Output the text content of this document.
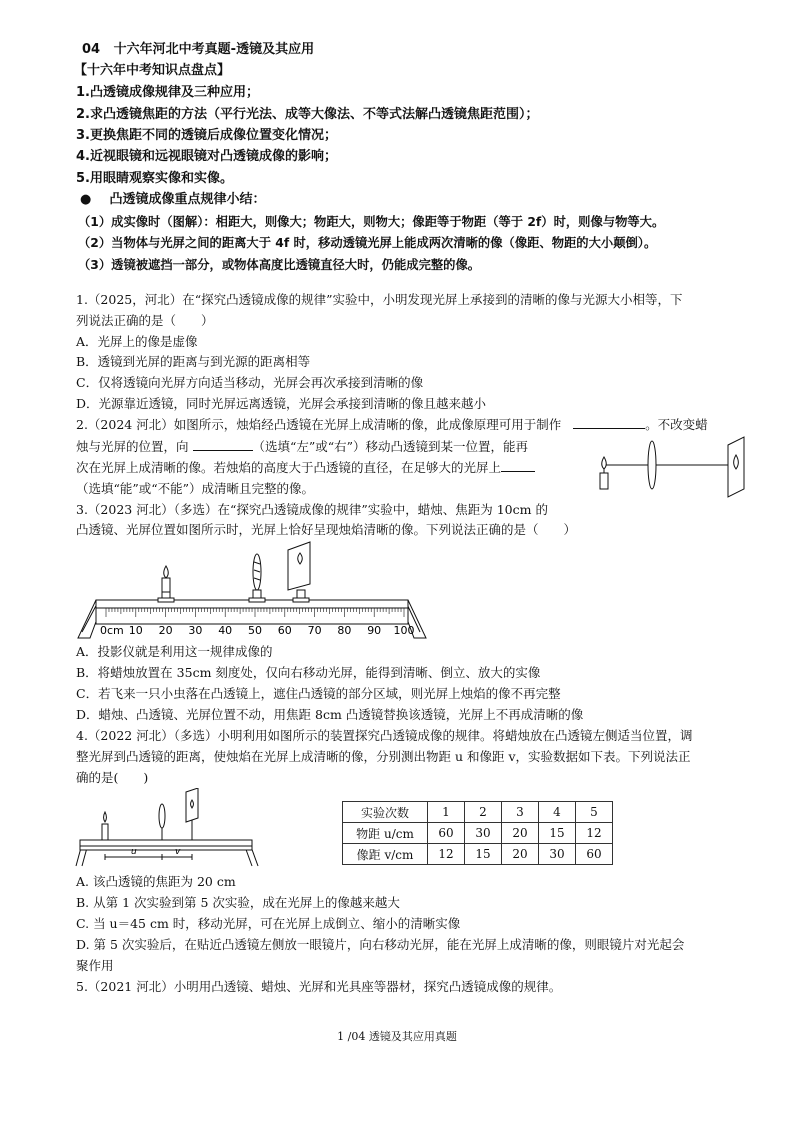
04 十六年河北中考真题-透镜及其应用
【十六年中考知识点盘点】
1.凸透镜成像规律及三种应用；
2.求凸透镜焦距的方法（平行光法、成等大像法、不等式法解凸透镜焦距范围）；
3.更换焦距不同的透镜后成像位置变化情况；
4.近视眼镜和远视眼镜对凸透镜成像的影响；
5.用眼睛观察实像和实像。
● 凸透镜成像重点规律小结：
（1）成实像时（图解）：相距大，则像大；物距大，则物大；像距等于物距（等于 2f）时，则像与物等大。
（2）当物体与光屏之间的距离大于 4f 时，移动透镜光屏上能成两次清晰的像（像距、物距的大小颠倒）。
（3）透镜被遮挡一部分，或物体高度比透镜直径大时，仍能成完整的像。
1.（2025，河北）在“探究凸透镜成像的规律”实验中，小明发现光屏上承接到的清晰的像与光源大小相等，下
列说法正确的是（　　）
A．光屏上的像是虚像
B．透镜到光屏的距离与到光源的距离相等
C．仅将透镜向光屏方向适当移动，光屏会再次承接到清晰的像
D．光源靠近透镜，同时光屏远离透镜，光屏会承接到清晰的像且越来越小
2.（2024 河北）如图所示，烛焰经凸透镜在光屏上成清晰的像，此成像原理可用于制作	。不改变蜡
烛与光屏的位置，向	（选填“左”或“右”）移动凸透镜到某一位置，能再
次在光屏上成清晰的像。若烛焰的高度大于凸透镜的直径，在足够大的光屏上
（选填“能”或“不能”）成清晰且完整的像。
3.（2023 河北）（多选）在“探究凸透镜成像的规律”实验中，蜡烛、焦距为 10cm 的
凸透镜、光屏位置如图所示时，光屏上恰好呈现烛焰清晰的像。下列说法正确的是（　　）
0cm 10 20 30 40 50 60 70 80 90 100
A．投影仪就是利用这一规律成像的
B．将蜡烛放置在 35cm 刻度处，仅向右移动光屏，能得到清晰、倒立、放大的实像
C．若飞来一只小虫落在凸透镜上，遮住凸透镜的部分区域，则光屏上烛焰的像不再完整
D．蜡烛、凸透镜、光屏位置不动，用焦距 8cm 凸透镜替换该透镜，光屏上不再成清晰的像
4.（2022 河北）（多选）小明利用如图所示的装置探究凸透镜成像的规律。将蜡烛放在凸透镜左侧适当位置，调
整光屏到凸透镜的距离，使烛焰在光屏上成清晰的像，分别测出物距 u 和像距 v，实验数据如下表。下列说法正
确的是(　　)
u	v
实验次数	1	2	3	4	5
物距 u/cm	60	30	20	15	12
像距 v/cm	12	15	20	30	60
A. 该凸透镜的焦距为 20 cm
B. 从第 1 次实验到第 5 次实验，成在光屏上的像越来越大
C. 当 u＝45 cm 时，移动光屏，可在光屏上成倒立、缩小的清晰实像
D. 第 5 次实验后，在贴近凸透镜左侧放一眼镜片，向右移动光屏，能在光屏上成清晰的像，则眼镜片对光起会
聚作用
5.（2021 河北）小明用凸透镜、蜡烛、光屏和光具座等器材，探究凸透镜成像的规律。
1 /04 透镜及其应用真题
